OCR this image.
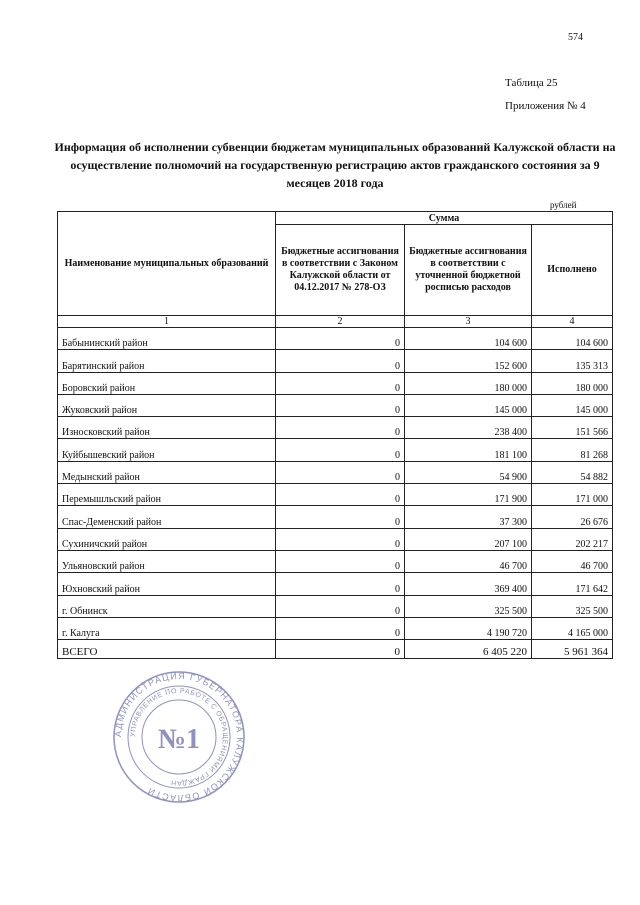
574
Таблица 25
Приложения № 4
Информация об исполнении субвенции бюджетам муниципальных образований Калужской области на осуществление полномочий на государственную регистрацию актов гражданского состояния за 9 месяцев 2018 года
рублей
Наименование муниципальных образований	Сумма		
	Бюджетные ассигнования в соответствии с Законом Калужской области от 04.12.2017 № 278-ОЗ	Бюджетные ассигнования в соответствии с уточненной бюджетной росписью расходов	Исполнено
1	2	3	4
Бабынинский район	0	104 600	104 600
Барятинский район	0	152 600	135 313
Боровский район	0	180 000	180 000
Жуковский район	0	145 000	145 000
Износковский район	0	238 400	151 566
Куйбышевский район	0	181 100	81 268
Медынский район	0	54 900	54 882
Перемышльский район	0	171 900	171 000
Спас-Деменский район	0	37 300	26 676
Сухиничский район	0	207 100	202 217
Ульяновский район	0	46 700	46 700
Юхновский район	0	369 400	171 642
г. Обнинск	0	325 500	325 500
г. Калуга	0	4 190 720	4 165 000
ВСЕГО	0	6 405 220	5 961 364
АДМИНИСТРАЦИЯ ГУБЕРНАТОРА КАЛУЖСКОЙ ОБЛАСТИ
УПРАВЛЕНИЕ ПО РАБОТЕ С ОБРАЩЕНИЯМИ ГРАЖДАН
№1
